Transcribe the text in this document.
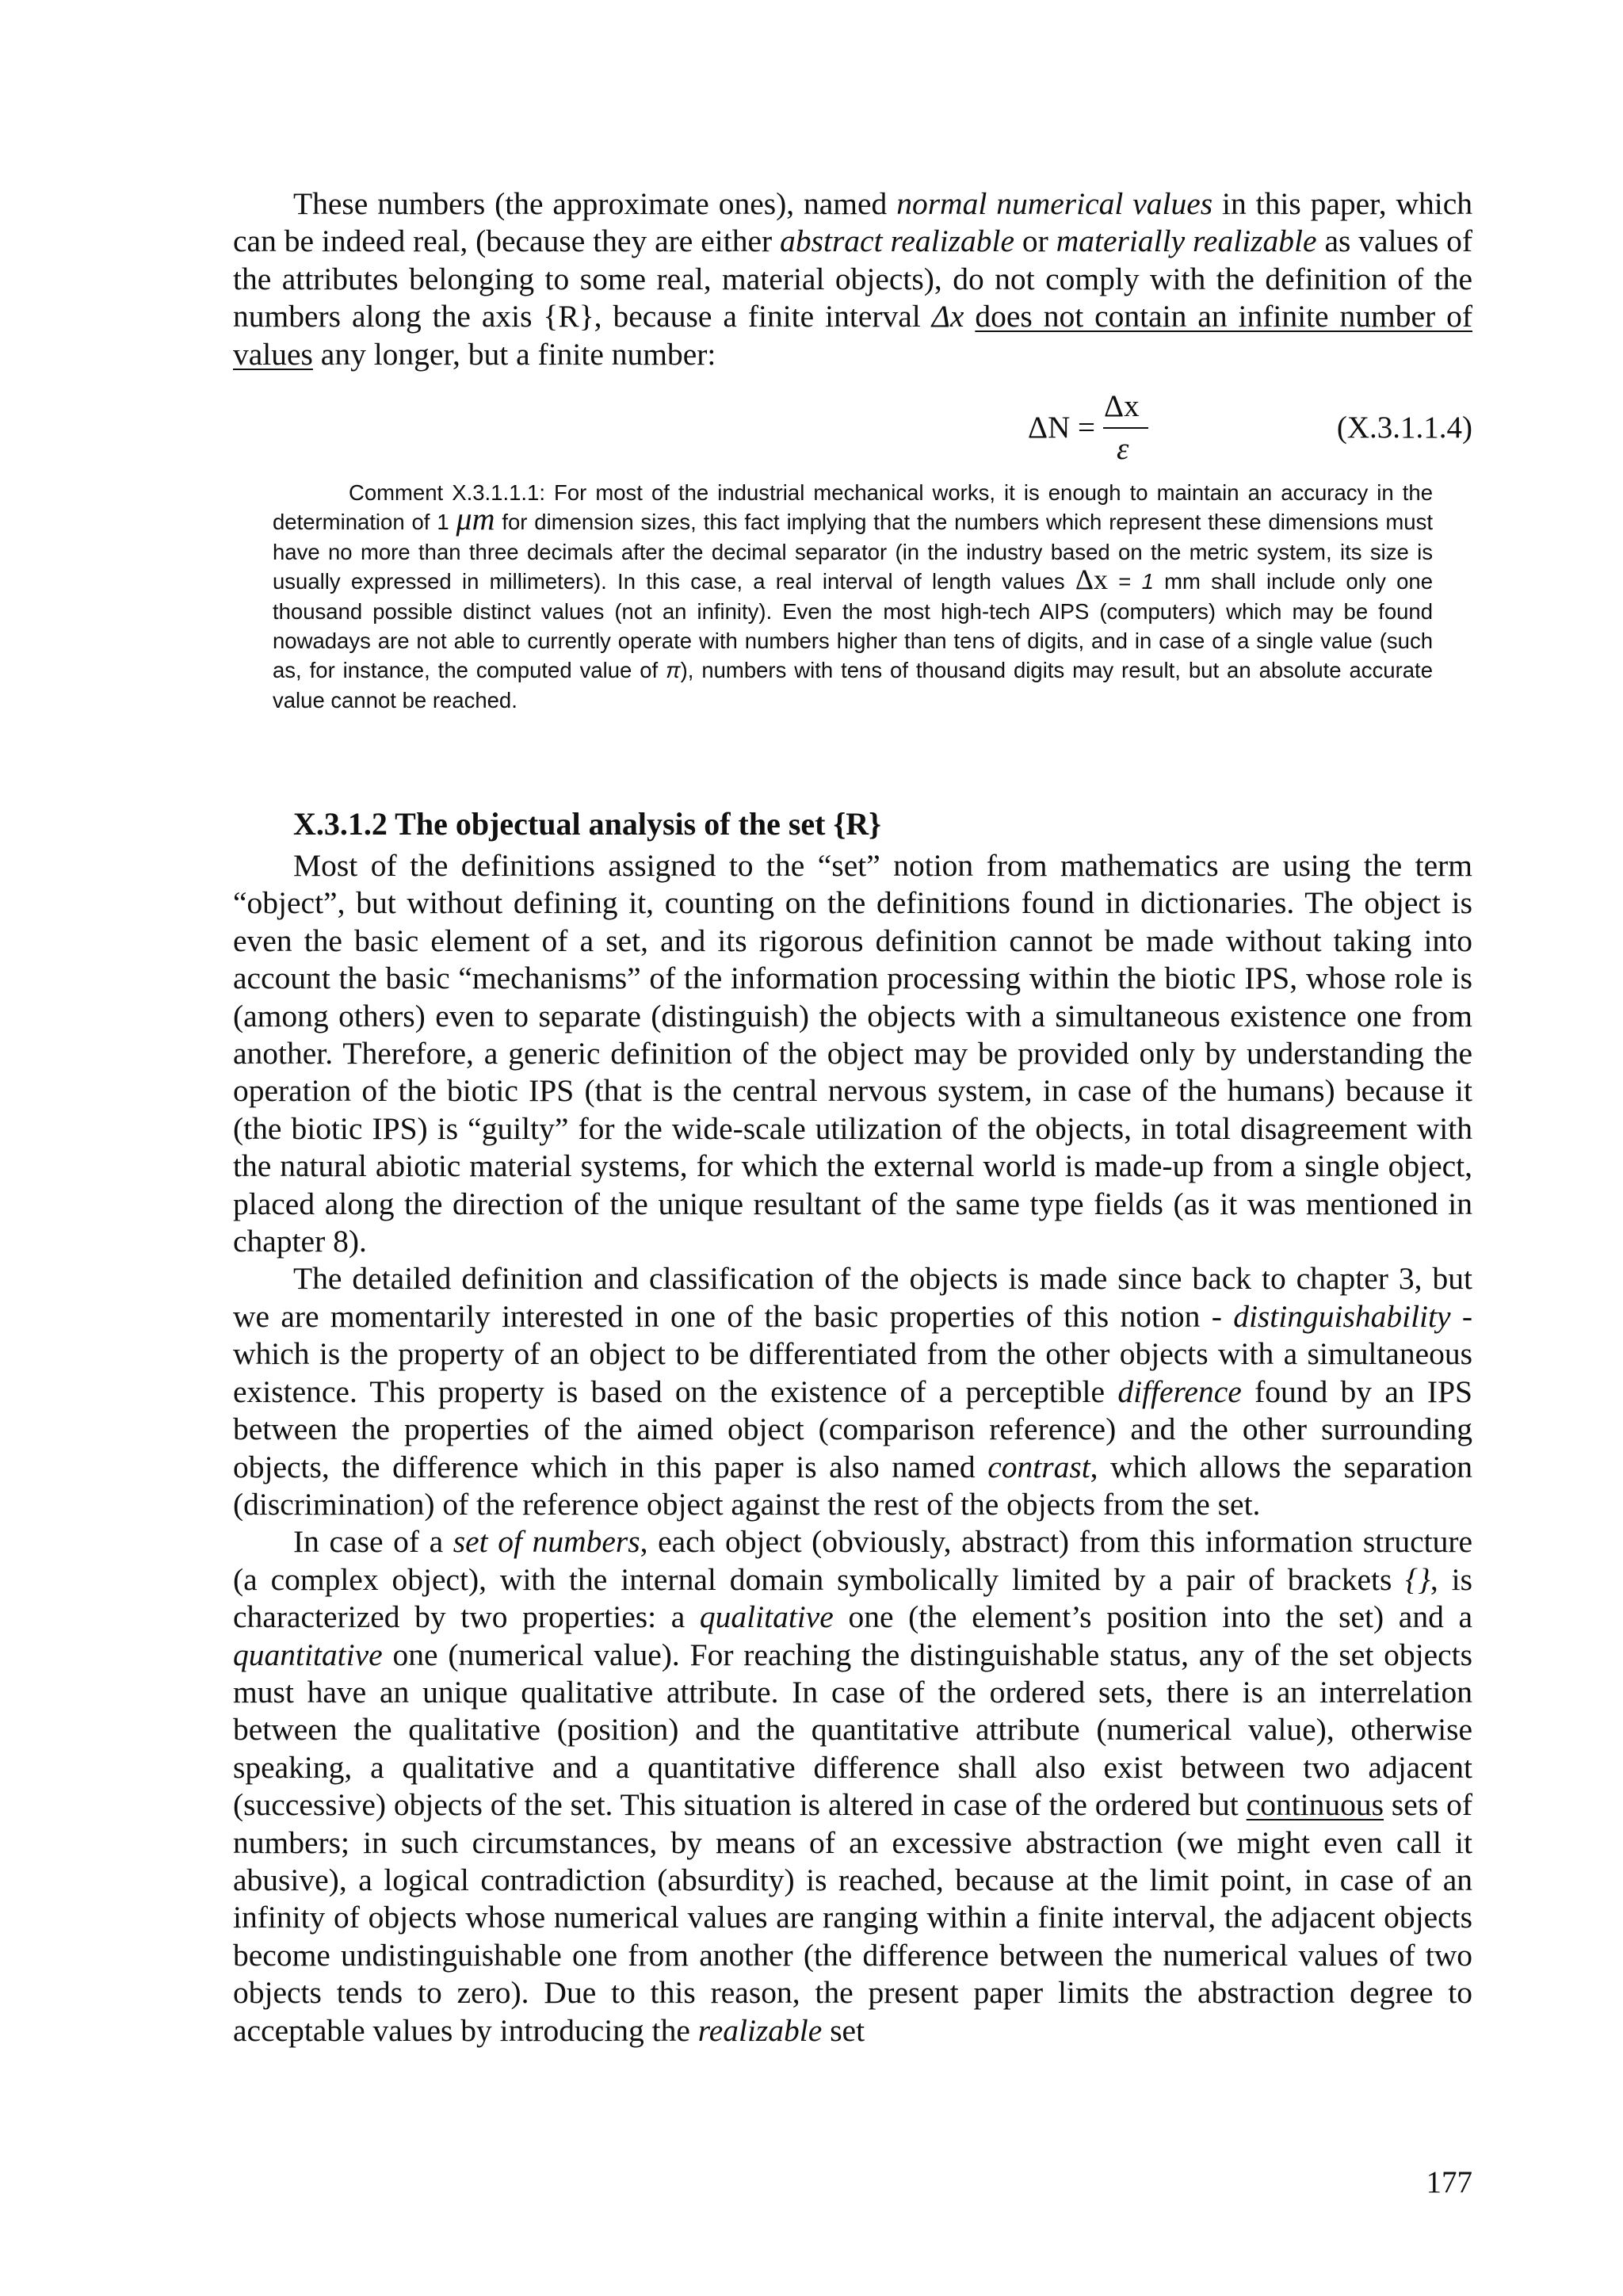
These numbers (the approximate ones), named normal numerical values in this paper, which can be indeed real, (because they are either abstract realizable or materially realizable as values of the attributes belonging to some real, material objects), do not comply with the definition of the numbers along the axis {R}, because a finite interval Δx does not contain an infinite number of values any longer, but a finite number:

ΔN =
Δx
ε
(X.3.1.1.4)

Comment X.3.1.1.1: For most of the industrial mechanical works, it is enough to maintain an accuracy in the determination of 1 μm for dimension sizes, this fact implying that the numbers which represent these dimensions must have no more than three decimals after the decimal separator (in the industry based on the metric system, its size is usually expressed in millimeters). In this case, a real interval of length values Δx = 1 mm shall include only one thousand possible distinct values (not an infinity). Even the most high-tech AIPS (computers) which may be found nowadays are not able to currently operate with numbers higher than tens of digits, and in case of a single value (such as, for instance, the computed value of π), numbers with tens of thousand digits may result, but an absolute accurate value cannot be reached.

X.3.1.2 The objectual analysis of the set {R}

Most of the definitions assigned to the “set” notion from mathematics are using the term “object”, but without defining it, counting on the definitions found in dictionaries. The object is even the basic element of a set, and its rigorous definition cannot be made without taking into account the basic “mechanisms” of the information processing within the biotic IPS, whose role is (among others) even to separate (distinguish) the objects with a simultaneous existence one from another. Therefore, a generic definition of the object may be provided only by understanding the operation of the biotic IPS (that is the central nervous system, in case of the humans) because it (the biotic IPS) is “guilty” for the wide-scale utilization of the objects, in total disagreement with the natural abiotic material systems, for which the external world is made-up from a single object, placed along the direction of the unique resultant of the same type fields (as it was mentioned in chapter 8).

The detailed definition and classification of the objects is made since back to chapter 3, but we are momentarily interested in one of the basic properties of this notion - distinguishability - which is the property of an object to be differentiated from the other objects with a simultaneous existence. This property is based on the existence of a perceptible difference found by an IPS between the properties of the aimed object (comparison reference) and the other surrounding objects, the difference which in this paper is also named contrast, which allows the separation (discrimination) of the reference object against the rest of the objects from the set.

In case of a set of numbers, each object (obviously, abstract) from this information structure (a complex object), with the internal domain symbolically limited by a pair of brackets {}, is characterized by two properties: a qualitative one (the element’s position into the set) and a quantitative one (numerical value). For reaching the distinguishable status, any of the set objects must have an unique qualitative attribute. In case of the ordered sets, there is an interrelation between the qualitative (position) and the quantitative attribute (numerical value), otherwise speaking, a qualitative and a quantitative difference shall also exist between two adjacent (successive) objects of the set. This situation is altered in case of the ordered but continuous sets of numbers; in such circumstances, by means of an excessive abstraction (we might even call it abusive), a logical contradiction (absurdity) is reached, because at the limit point, in case of an infinity of objects whose numerical values are ranging within a finite interval, the adjacent objects become undistinguishable one from another (the difference between the numerical values of two objects tends to zero). Due to this reason, the present paper limits the abstraction degree to acceptable values by introducing the realizable set

177
